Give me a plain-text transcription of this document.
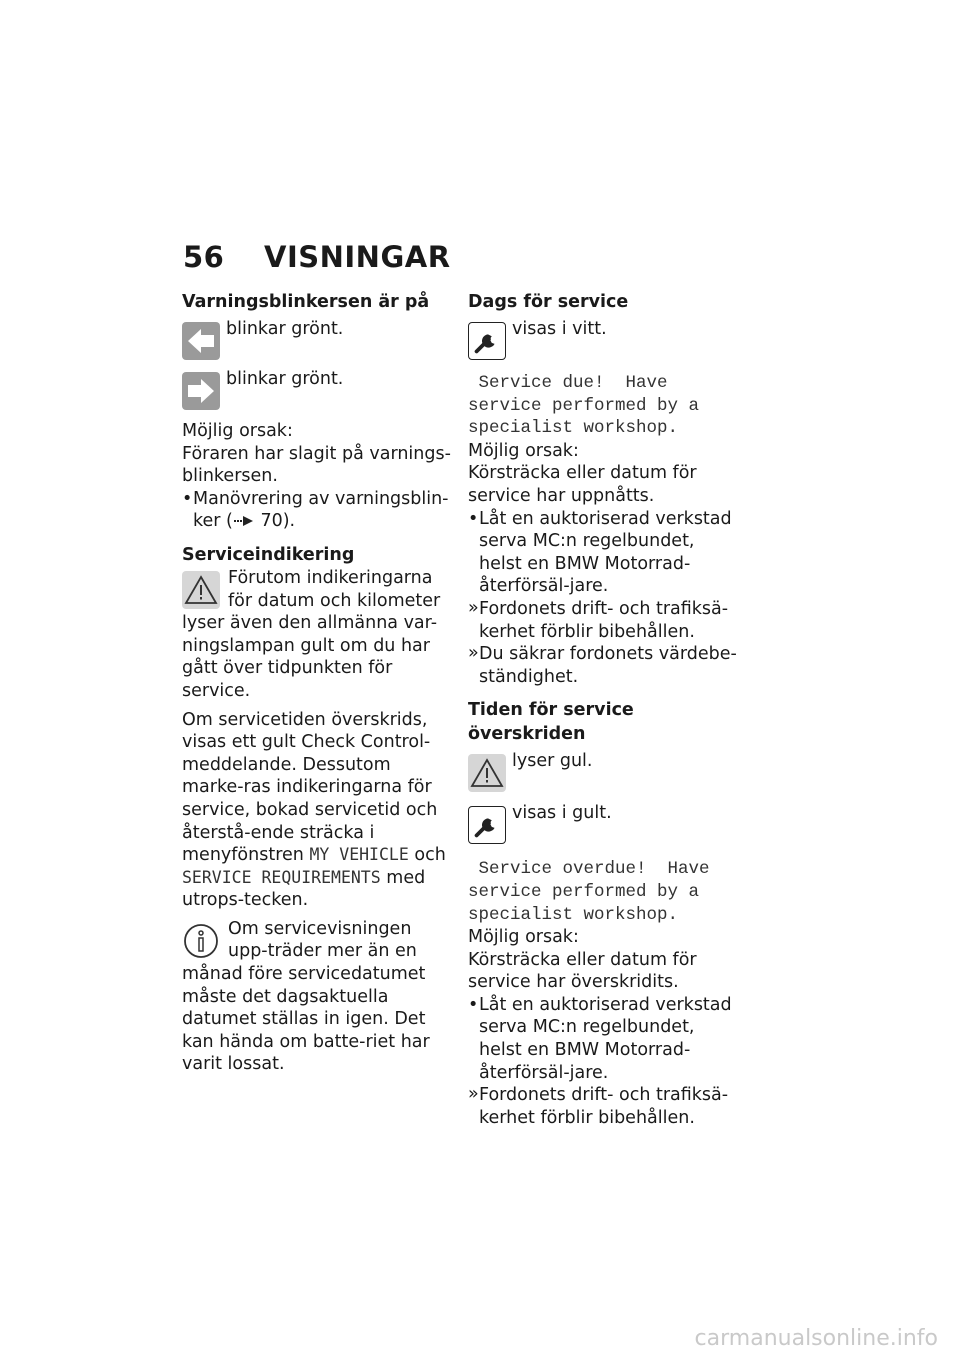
56 VISNINGAR
Varningsblinkersen är på
blinkar grönt.
blinkar grönt.

Möjlig orsak:

Föraren har slagit på varnings-blinkersen.

• Manövrering av varningsblin-ker ( 70).
Serviceindikering

Förutom indikeringarna för datum och kilometer lyser även den allmänna var-ningslampan gult om du har gått över tidpunkten för service.

Om servicetiden överskrids, visas ett gult Check Control-meddelande. Dessutom marke-ras indikeringarna för service, bokad servicetid och återstå-ende sträcka i menyfönstren MY VEHICLE och SERVICE REQUIREMENTS med utrops-tecken.

Om servicevisningen upp-träder mer än en månad före servicedatumet måste det dagsaktuella datumet ställas in igen. Det kan hända om batte-riet har varit lossat.

Dags för service
visas i vitt.
Service due!  Have service performed by a specialist workshop.

Möjlig orsak:

Körsträcka eller datum för service har uppnåtts.

• Låt en auktoriserad verkstad serva MC:n regelbundet, helst en BMW Motorrad-återförsäl-jare.
» Fordonets drift- och trafiksä-kerhet förblir bibehållen.
» Du säkrar fordonets värdebe-ständighet.
Tiden för service överskriden
lyser gul.
visas i gult.
Service overdue!  Have service performed by a specialist workshop.

Möjlig orsak:

Körsträcka eller datum för service har överskridits.

• Låt en auktoriserad verkstad serva MC:n regelbundet, helst en BMW Motorrad-återförsäl-jare.
» Fordonets drift- och trafiksä-kerhet förblir bibehållen.
carmanualsonline.info
